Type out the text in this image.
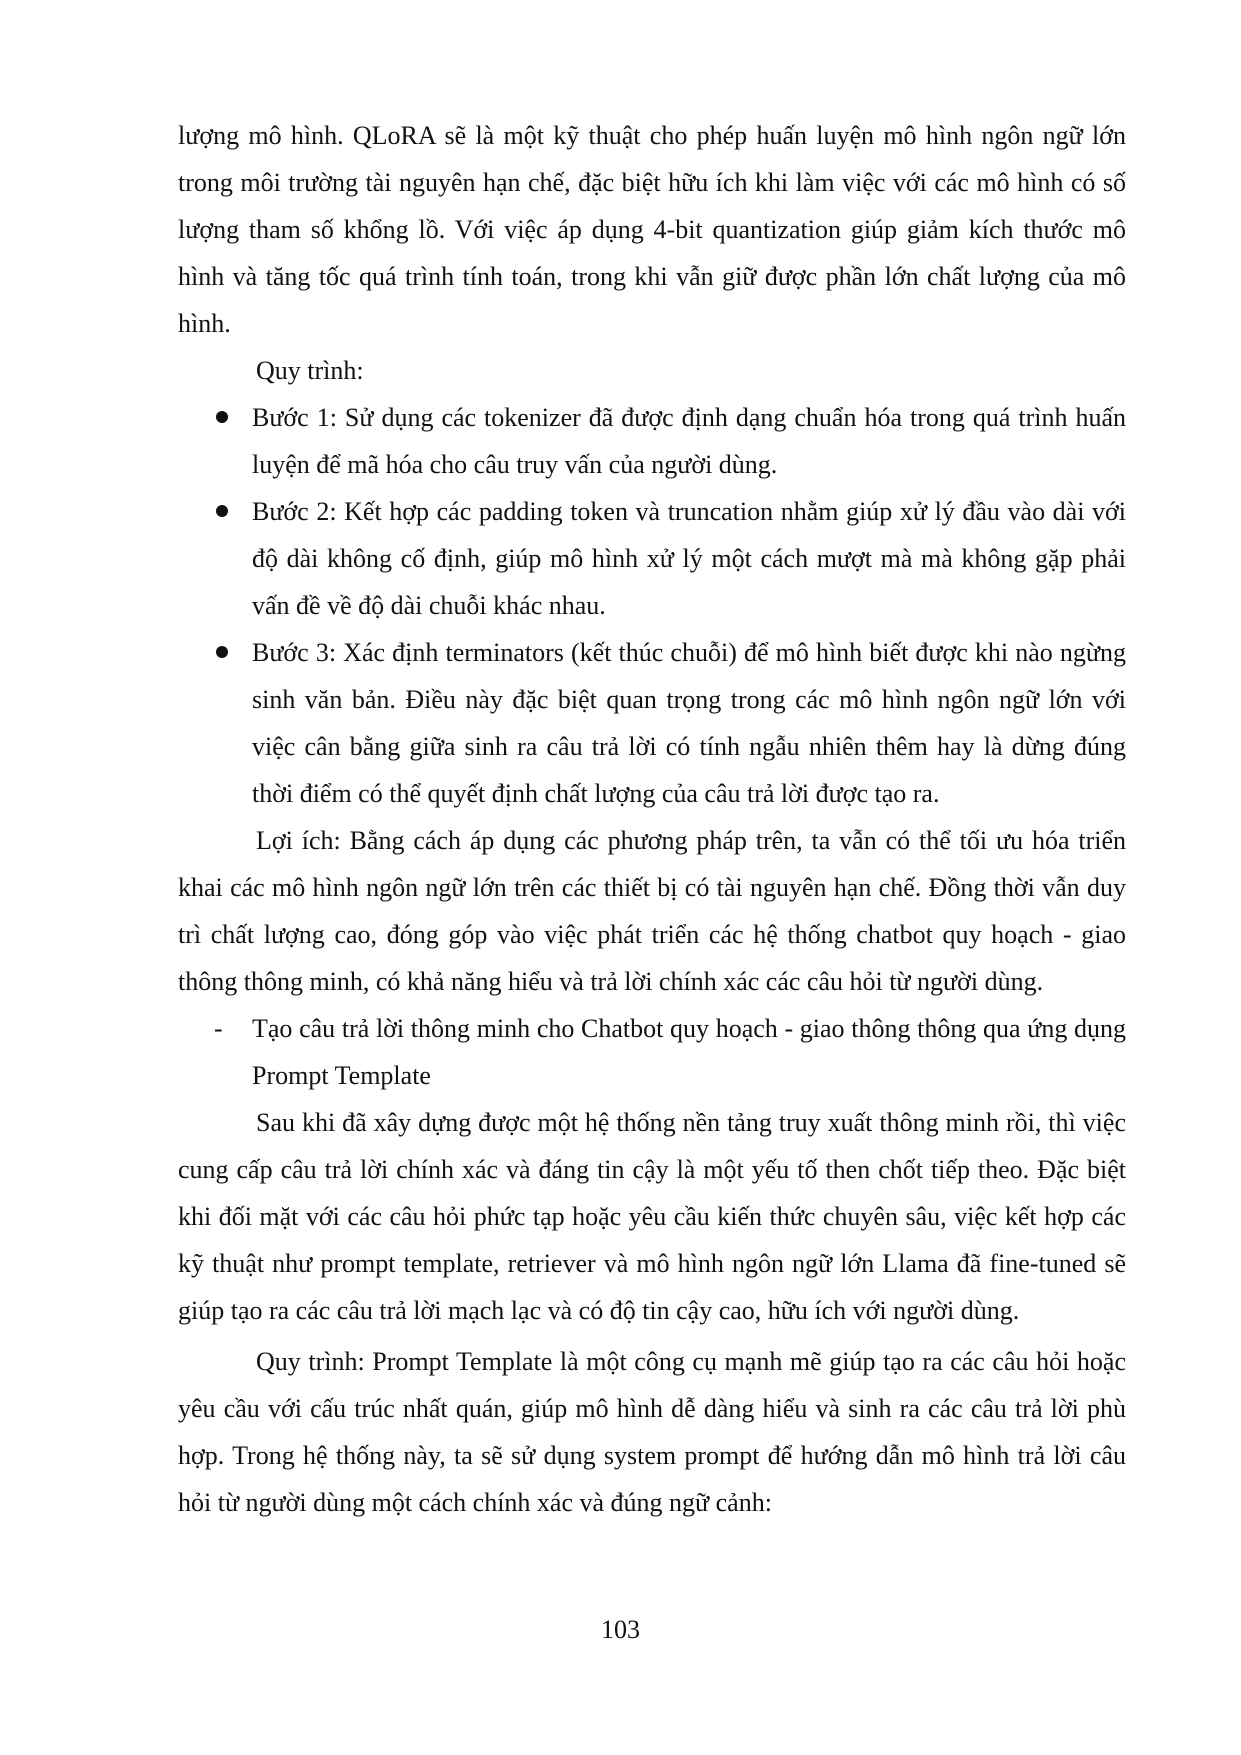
lượng mô hình. QLoRA sẽ là một kỹ thuật cho phép huấn luyện mô hình ngôn ngữ lớn trong môi trường tài nguyên hạn chế, đặc biệt hữu ích khi làm việc với các mô hình có số lượng tham số khổng lồ. Với việc áp dụng 4-bit quantization giúp giảm kích thước mô hình và tăng tốc quá trình tính toán, trong khi vẫn giữ được phần lớn chất lượng của mô hình.

Quy trình:

Bước 1: Sử dụng các tokenizer đã được định dạng chuẩn hóa trong quá trình huấn luyện để mã hóa cho câu truy vấn của người dùng.
Bước 2: Kết hợp các padding token và truncation nhằm giúp xử lý đầu vào dài với độ dài không cố định, giúp mô hình xử lý một cách mượt mà mà không gặp phải vấn đề về độ dài chuỗi khác nhau.
Bước 3: Xác định terminators (kết thúc chuỗi) để mô hình biết được khi nào ngừng sinh văn bản. Điều này đặc biệt quan trọng trong các mô hình ngôn ngữ lớn với việc cân bằng giữa sinh ra câu trả lời có tính ngẫu nhiên thêm hay là dừng đúng thời điểm có thể quyết định chất lượng của câu trả lời được tạo ra.

Lợi ích: Bằng cách áp dụng các phương pháp trên, ta vẫn có thể tối ưu hóa triển khai các mô hình ngôn ngữ lớn trên các thiết bị có tài nguyên hạn chế. Đồng thời vẫn duy trì chất lượng cao, đóng góp vào việc phát triển các hệ thống chatbot quy hoạch - giao thông thông minh, có khả năng hiểu và trả lời chính xác các câu hỏi từ người dùng.

- Tạo câu trả lời thông minh cho Chatbot quy hoạch - giao thông thông qua ứng dụng Prompt Template

Sau khi đã xây dựng được một hệ thống nền tảng truy xuất thông minh rồi, thì việc cung cấp câu trả lời chính xác và đáng tin cậy là một yếu tố then chốt tiếp theo. Đặc biệt khi đối mặt với các câu hỏi phức tạp hoặc yêu cầu kiến thức chuyên sâu, việc kết hợp các kỹ thuật như prompt template, retriever và mô hình ngôn ngữ lớn Llama đã fine-tuned sẽ giúp tạo ra các câu trả lời mạch lạc và có độ tin cậy cao, hữu ích với người dùng.

Quy trình: Prompt Template là một công cụ mạnh mẽ giúp tạo ra các câu hỏi hoặc yêu cầu với cấu trúc nhất quán, giúp mô hình dễ dàng hiểu và sinh ra các câu trả lời phù hợp. Trong hệ thống này, ta sẽ sử dụng system prompt để hướng dẫn mô hình trả lời câu hỏi từ người dùng một cách chính xác và đúng ngữ cảnh:

103
